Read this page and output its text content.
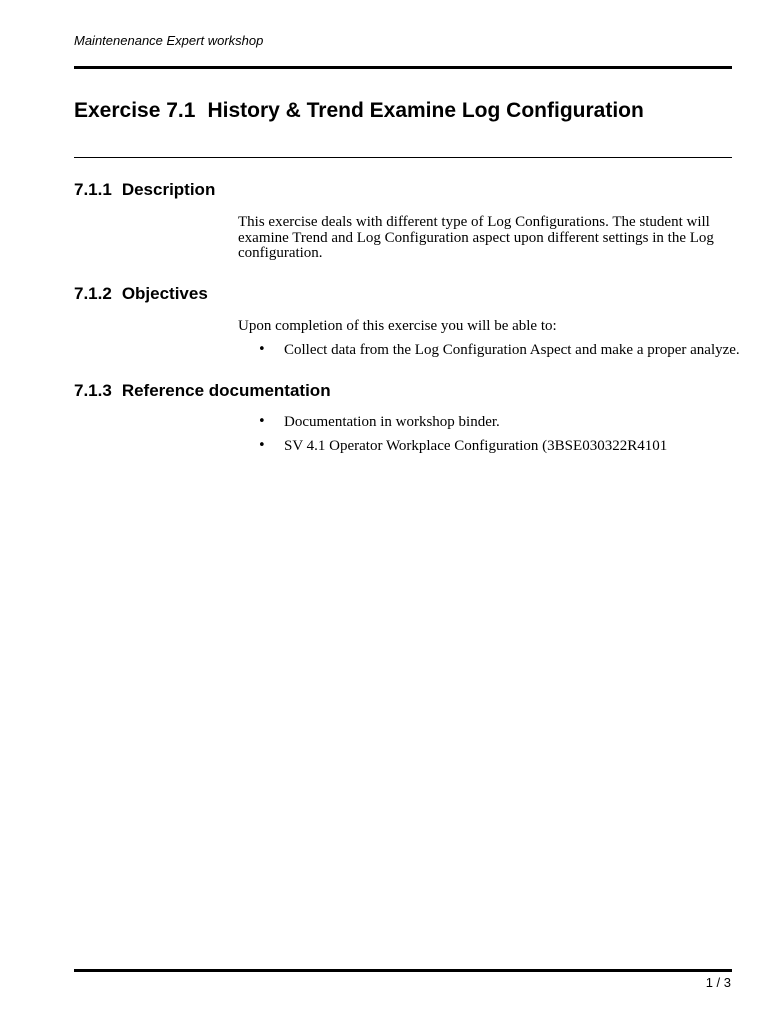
Maintenenance Expert workshop
Exercise 7.1 History & Trend Examine Log Configuration
7.1.1 Description

This exercise deals with different type of Log Configurations. The student will examine Trend and Log Configuration aspect upon different settings in the Log configuration.

7.1.2 Objectives

Upon completion of this exercise you will be able to:

• Collect data from the Log Configuration Aspect and make a proper analyze.
7.1.3 Reference documentation
• Documentation in workshop binder.
• SV 4.1 Operator Workplace Configuration (3BSE030322R4101
1 / 3
